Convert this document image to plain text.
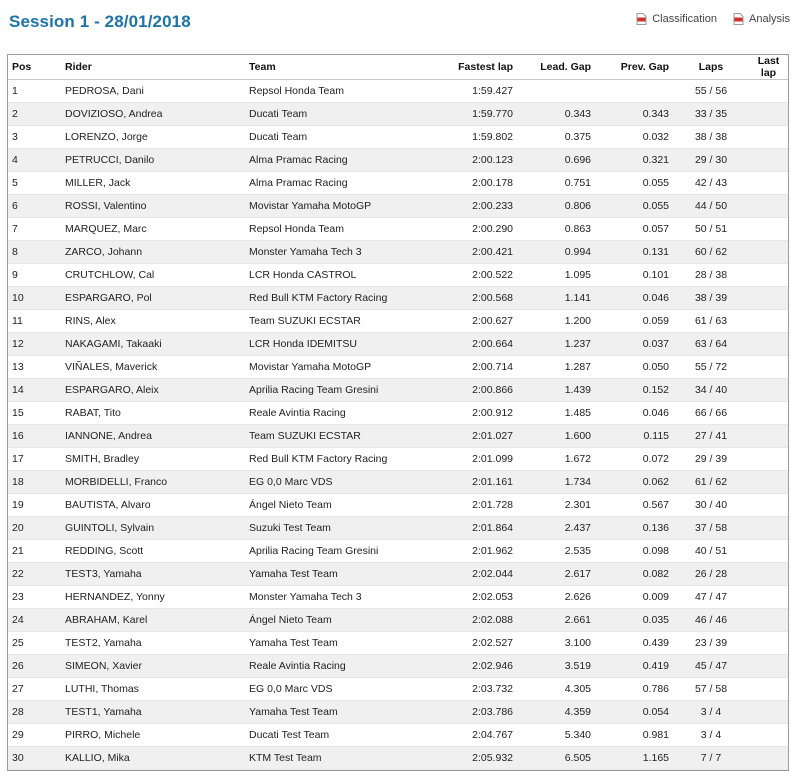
Session 1 - 28/01/2018	Classification	Analysis
Pos	Rider	Team	Fastest lap	Lead. Gap	Prev. Gap	Laps	Last lap
1	PEDROSA, Dani	Repsol Honda Team	1:59.427			55 / 56	
2	DOVIZIOSO, Andrea	Ducati Team	1:59.770	0.343	0.343	33 / 35	
3	LORENZO, Jorge	Ducati Team	1:59.802	0.375	0.032	38 / 38	
4	PETRUCCI, Danilo	Alma Pramac Racing	2:00.123	0.696	0.321	29 / 30	
5	MILLER, Jack	Alma Pramac Racing	2:00.178	0.751	0.055	42 / 43	
6	ROSSI, Valentino	Movistar Yamaha MotoGP	2:00.233	0.806	0.055	44 / 50	
7	MARQUEZ, Marc	Repsol Honda Team	2:00.290	0.863	0.057	50 / 51	
8	ZARCO, Johann	Monster Yamaha Tech 3	2:00.421	0.994	0.131	60 / 62	
9	CRUTCHLOW, Cal	LCR Honda CASTROL	2:00.522	1.095	0.101	28 / 38	
10	ESPARGARO, Pol	Red Bull KTM Factory Racing	2:00.568	1.141	0.046	38 / 39	
11	RINS, Alex	Team SUZUKI ECSTAR	2:00.627	1.200	0.059	61 / 63	
12	NAKAGAMI, Takaaki	LCR Honda IDEMITSU	2:00.664	1.237	0.037	63 / 64	
13	VIÑALES, Maverick	Movistar Yamaha MotoGP	2:00.714	1.287	0.050	55 / 72	
14	ESPARGARO, Aleix	Aprilia Racing Team Gresini	2:00.866	1.439	0.152	34 / 40	
15	RABAT, Tito	Reale Avintia Racing	2:00.912	1.485	0.046	66 / 66	
16	IANNONE, Andrea	Team SUZUKI ECSTAR	2:01.027	1.600	0.115	27 / 41	
17	SMITH, Bradley	Red Bull KTM Factory Racing	2:01.099	1.672	0.072	29 / 39	
18	MORBIDELLI, Franco	EG 0,0 Marc VDS	2:01.161	1.734	0.062	61 / 62	
19	BAUTISTA, Alvaro	Ángel Nieto Team	2:01.728	2.301	0.567	30 / 40	
20	GUINTOLI, Sylvain	Suzuki Test Team	2:01.864	2.437	0.136	37 / 58	
21	REDDING, Scott	Aprilia Racing Team Gresini	2:01.962	2.535	0.098	40 / 51	
22	TEST3, Yamaha	Yamaha Test Team	2:02.044	2.617	0.082	26 / 28	
23	HERNANDEZ, Yonny	Monster Yamaha Tech 3	2:02.053	2.626	0.009	47 / 47	
24	ABRAHAM, Karel	Ángel Nieto Team	2:02.088	2.661	0.035	46 / 46	
25	TEST2, Yamaha	Yamaha Test Team	2:02.527	3.100	0.439	23 / 39	
26	SIMEON, Xavier	Reale Avintia Racing	2:02.946	3.519	0.419	45 / 47	
27	LUTHI, Thomas	EG 0,0 Marc VDS	2:03.732	4.305	0.786	57 / 58	
28	TEST1, Yamaha	Yamaha Test Team	2:03.786	4.359	0.054	3 / 4	
29	PIRRO, Michele	Ducati Test Team	2:04.767	5.340	0.981	3 / 4	
30	KALLIO, Mika	KTM Test Team	2:05.932	6.505	1.165	7 / 7	
